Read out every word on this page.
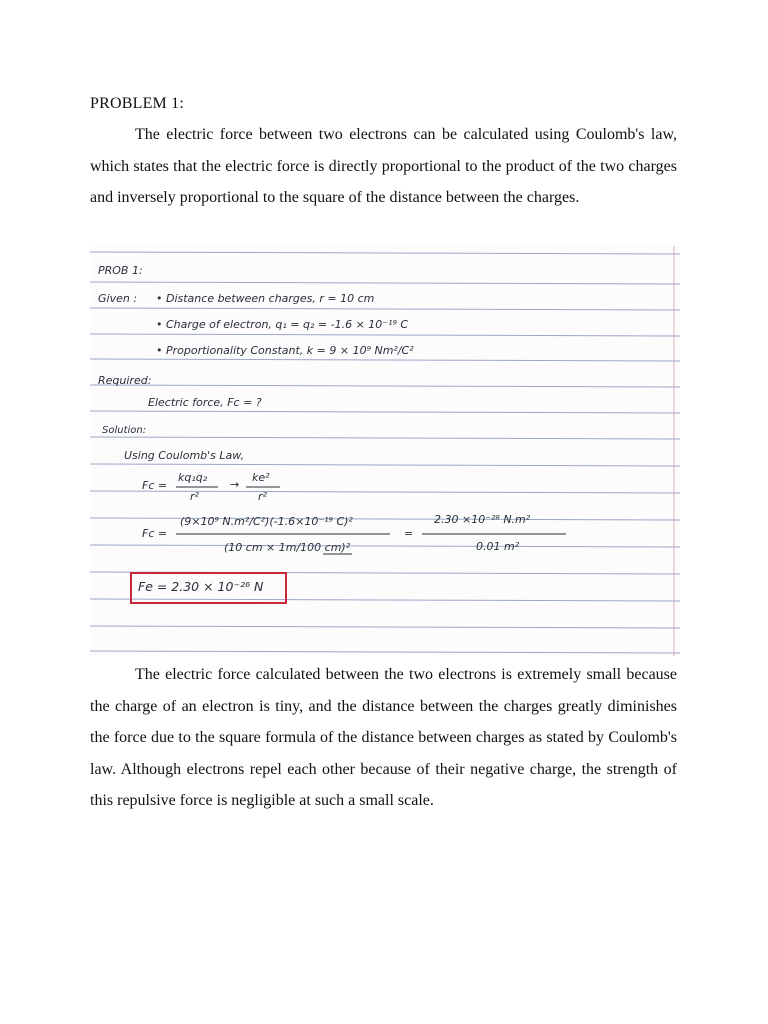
PROBLEM 1:

The electric force between two electrons can be calculated using Coulomb's law, which states that the electric force is directly proportional to the product of the two charges and inversely proportional to the square of the distance between the charges.

PROB 1:
Given : • Distance between charges, r = 10 cm
• Charge of electron, q₁ = q₂ = -1.6 × 10⁻¹⁹ C
• Proportionality Constant, k = 9 × 10⁹ Nm²/C²
Required:
Electric force, Fc = ?
Solution:
Using Coulomb's Law,
Fc =
kq₁q₂
r²
→
ke²
r²
Fc =
(9×10⁹ N.m²/C²)(-1.6×10⁻¹⁹ C)²
(10 cm × 1m/100 cm)²
=
2.30 ×10⁻²⁸ N.m²
0.01 m²
Fe = 2.30 × 10⁻²⁶ N

The electric force calculated between the two electrons is extremely small because the charge of an electron is tiny, and the distance between the charges greatly diminishes the force due to the square formula of the distance between charges as stated by Coulomb's law. Although electrons repel each other because of their negative charge, the strength of this repulsive force is negligible at such a small scale.
